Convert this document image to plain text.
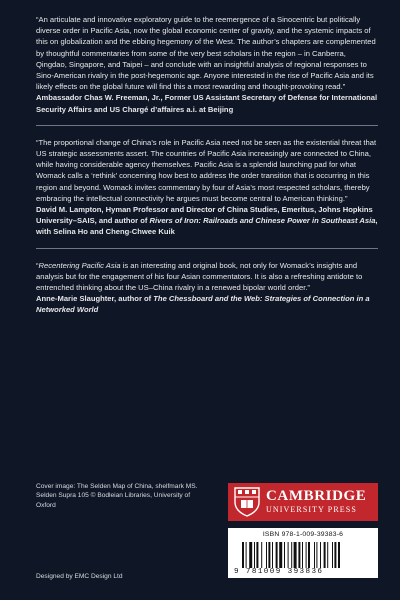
“An articulate and innovative exploratory guide to the reemergence of a Sinocentric but politically diverse order in Pacific Asia, now the global economic center of gravity, and the systemic impacts of this on globalization and the ebbing hegemony of the West. The author’s chapters are complemented by thoughtful commentaries from some of the very best scholars in the region – in Canberra, Qingdao, Singapore, and Taipei – and conclude with an insightful analysis of regional responses to Sino-American rivalry in the post-hegemonic age. Anyone interested in the rise of Pacific Asia and its likely effects on the global future will find this a most rewarding and thought-provoking read.”

Ambassador Chas W. Freeman, Jr., Former US Assistant Secretary of Defense for International Security Affairs and US Chargé d’affaires a.i. at Beijing

“The proportional change of China’s role in Pacific Asia need not be seen as the existential threat that US strategic assessments assert. The countries of Pacific Asia increasingly are connected to China, while having considerable agency themselves. Pacific Asia is a splendid launching pad for what Womack calls a ‘rethink’ concerning how best to address the order transition that is occurring in this region and beyond. Womack invites commentary by four of Asia’s most respected scholars, thereby embracing the intellectual connectivity he argues must become central to American thinking.”

David M. Lampton, Hyman Professor and Director of China Studies, Emeritus, Johns Hopkins University–SAIS, and author of Rivers of Iron: Railroads and Chinese Power in Southeast Asia, with Selina Ho and Cheng-Chwee Kuik

“Recentering Pacific Asia is an interesting and original book, not only for Womack’s insights and analysis but for the engagement of his four Asian commentators. It is also a refreshing antidote to entrenched thinking about the US–China rivalry in a renewed bipolar world order.”

Anne-Marie Slaughter, author of The Chessboard and the Web: Strategies of Connection in a Networked World

Cover image: The Selden Map of China, shelfmark MS. Selden Supra 105 © Bodleian Libraries, University of Oxford
CAMBRIDGE
UNIVERSITY PRESS
ISBN 978-1-009-39383-6
9 781009 393836
Designed by EMC Design Ltd
